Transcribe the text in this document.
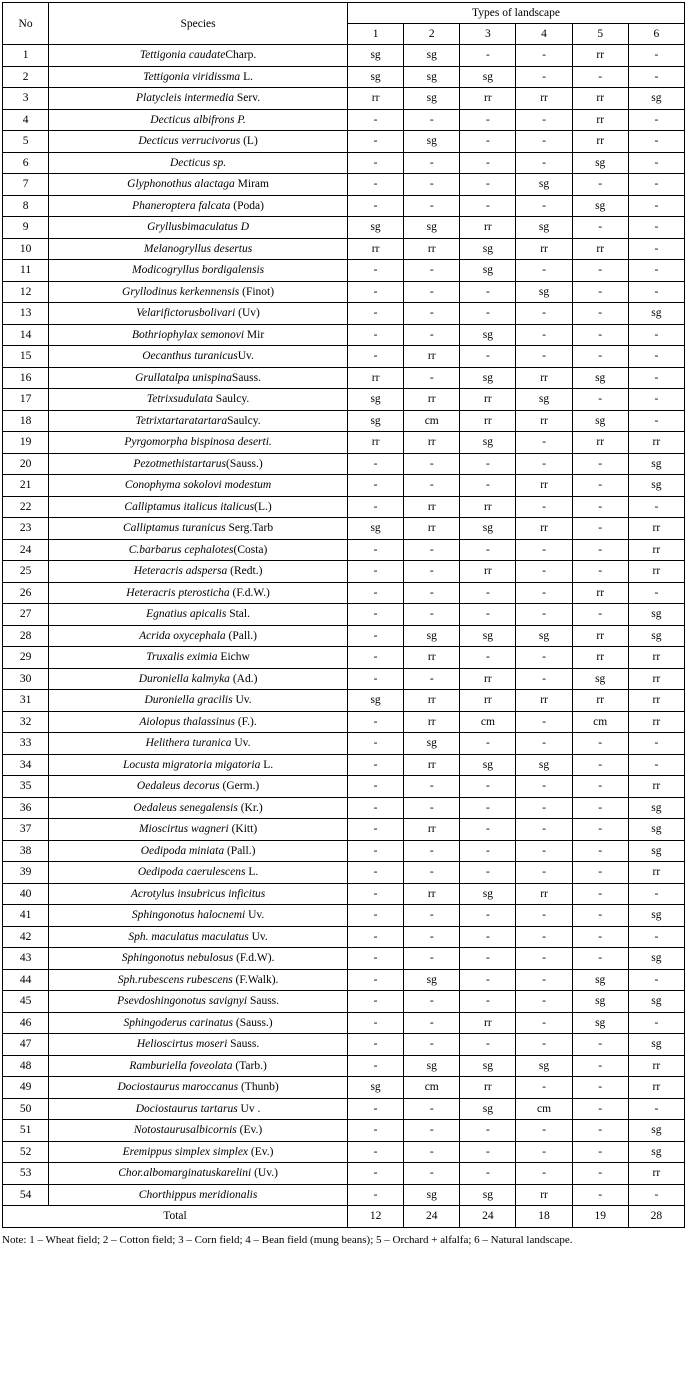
No	Species	Types of landscape					
		1	2	3	4	5	6
1	Tettigonia caudateCharp.	sg	sg	-	-	rr	-
2	Tettigonia viridissma L.	sg	sg	sg	-	-	-
3	Platycleis intermedia Serv.	rr	sg	rr	rr	rr	sg
4	Decticus albifrons P.	-	-	-	-	rr	-
5	Decticus verrucivorus (L)	-	sg	-	-	rr	-
6	Decticus sp.	-	-	-	-	sg	-
7	Glyphonothus alactaga Miram	-	-	-	sg	-	-
8	Phaneroptera falcata (Poda)	-	-	-	-	sg	-
9	Gryllusbimaculatus D	sg	sg	rr	sg	-	-
10	Melanogryllus desertus	rr	rr	sg	rr	rr	-
11	Modicogryllus bordigalensis	-	-	sg	-	-	-
12	Gryllodinus kerkennensis (Finot)	-	-	-	sg	-	-
13	Velarifictorusbolivari (Uv)	-	-	-	-	-	sg
14	Bothriophylax semonovi Mir	-	-	sg	-	-	-
15	Oecanthus turanicusUv.	-	rr	-	-	-	-
16	Grullatalpa unispinaSauss.	rr	-	sg	rr	sg	-
17	Tetrixsudulata Saulcy.	sg	rr	rr	sg	-	-
18	TetrixtartaratartaraSaulcy.	sg	cm	rr	rr	sg	-
19	Pyrgomorpha bispinosa deserti.	rr	rr	sg	-	rr	rr
20	Pezotmethistartarus(Sauss.)	-	-	-	-	-	sg
21	Conophyma sokolovi modestum	-	-	-	rr	-	sg
22	Calliptamus italicus italicus(L.)	-	rr	rr	-	-	-
23	Calliptamus turanicus Serg.Tarb	sg	rr	sg	rr	-	rr
24	C.barbarus cephalotes(Costa)	-	-	-	-	-	rr
25	Heteracris adspersa (Redt.)	-	-	rr	-	-	rr
26	Heteracris pterosticha (F.d.W.)	-	-	-	-	rr	-
27	Egnatius apicalis Stal.	-	-	-	-	-	sg
28	Acrida oxycephala (Pall.)	-	sg	sg	sg	rr	sg
29	Truxalis eximia Eichw	-	rr	-	-	rr	rr
30	Duroniella kalmyka (Ad.)	-	-	rr	-	sg	rr
31	Duroniella gracilis Uv.	sg	rr	rr	rr	rr	rr
32	Aiolopus thalassinus (F.).	-	rr	cm	-	cm	rr
33	Helithera turanica Uv.	-	sg	-	-	-	-
34	Locusta migratoria migatoria L.	-	rr	sg	sg	-	-
35	Oedaleus decorus (Germ.)	-	-	-	-	-	rr
36	Oedaleus senegalensis (Kr.)	-	-	-	-	-	sg
37	Mioscirtus wagneri (Kitt)	-	rr	-	-	-	sg
38	Oedipoda miniata (Pall.)	-	-	-	-	-	sg
39	Oedipoda caerulescens L.	-	-	-	-	-	rr
40	Acrotylus insubricus inficitus	-	rr	sg	rr	-	-
41	Sphingonotus halocnemi Uv.	-	-	-	-	-	sg
42	Sph. maculatus maculatus Uv.	-	-	-	-	-	-
43	Sphingonotus nebulosus (F.d.W).	-	-	-	-	-	sg
44	Sph.rubescens rubescens (F.Walk).	-	sg	-	-	sg	-
45	Psevdoshingonotus savignyi Sauss.	-	-	-	-	sg	sg
46	Sphingoderus carinatus (Sauss.)	-	-	rr	-	sg	-
47	Helioscirtus moseri Sauss.	-	-	-	-	-	sg
48	Ramburiella foveolata (Tarb.)	-	sg	sg	sg	-	rr
49	Dociostaurus maroccanus (Thunb)	sg	cm	rr	-	-	rr
50	Dociostaurus tartarus Uv .	-	-	sg	cm	-	-
51	Notostaurusalbicornis (Ev.)	-	-	-	-	-	sg
52	Eremippus simplex simplex (Ev.)	-	-	-	-	-	sg
53	Chor.albomarginatuskarelini (Uv.)	-	-	-	-	-	rr
54	Chorthippus meridionalis	-	sg	sg	rr	-	-
Total		12	24	24	18	19	28
Note: 1 – Wheat field; 2 – Cotton field; 3 – Corn field; 4 – Bean field (mung beans); 5 – Orchard + alfalfa; 6 – Natural landscape.
